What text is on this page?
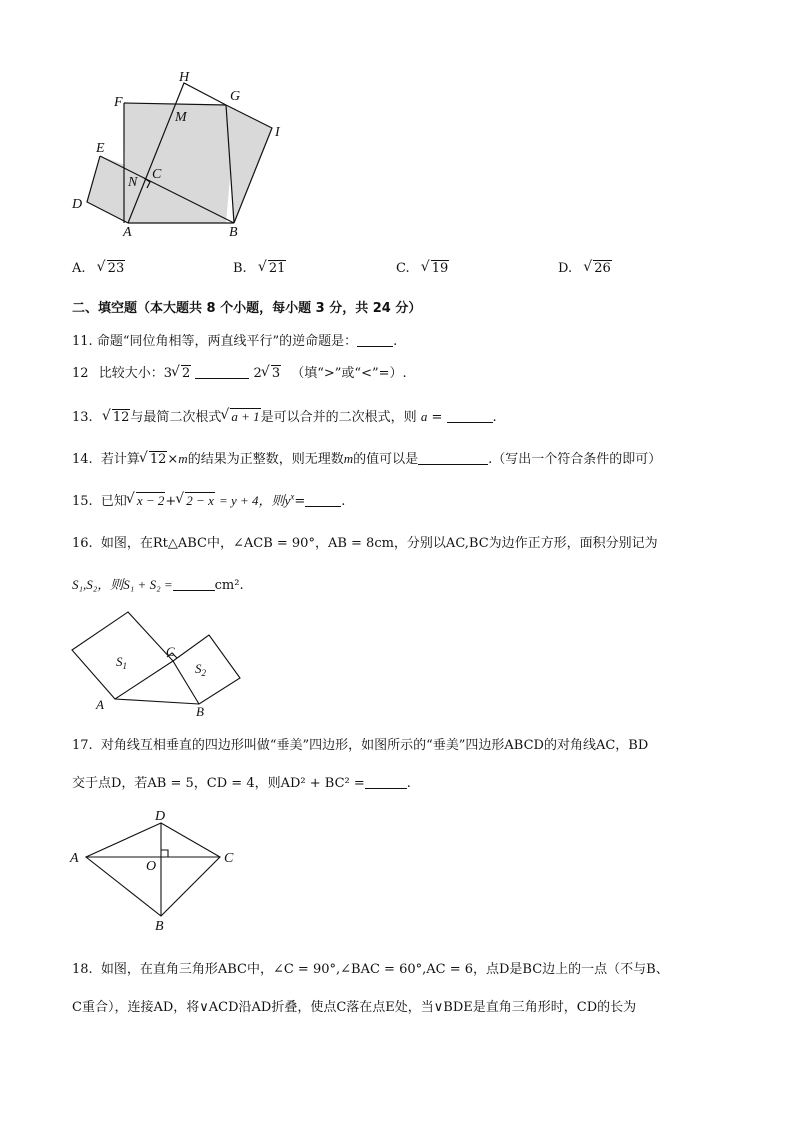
H
G
F
M
I
E
N
C
D
A	B
A. √ 23	B. √ 21	C. √ 19	D. √ 26
二、填空题（本大题共 8 个小题，每小题 3 分，共 24 分）
11. 命题“同位角相等，两直线平行”的逆命题是：	.
12 比较大小：3 √ 2	2 √ 3 （填“>”或“<”=）.
13. √ 12与最简二次根式 √ a + 1是可以合并的二次根式，则 a =	.
14. 若计算 √ 12×m的结果为正整数，则无理数m的值可以是	.（写出一个符合条件的即可）
15. 已知 √ x − 2+ √ 2 − x = y + 4，则$y^x=$	.
16. 如图，在Rt△ABC中，∠ACB = 90°，AB = 8cm，分别以AC,BC为边作正方形，面积分别记为
S₁,S₂，则S₁ + S₂ =	cm².
$S_1$	$S_2$
C
A	B
17. 对角线互相垂直的四边形叫做“垂美”四边形，如图所示的“垂美”四边形ABCD的对角线AC，BD
交于点D，若AB = 5，CD = 4，则AD² + BC² =	.
D
A
O
C
B
18. 如图，在直角三角形ABC中，∠C = 90°,∠BAC = 60°,AC = 6，点D是BC边上的一点（不与B、
C重合），连接AD，将∨ACD沿AD折叠，使点C落在点E处，当∨BDE是直角三角形时，CD的长为
